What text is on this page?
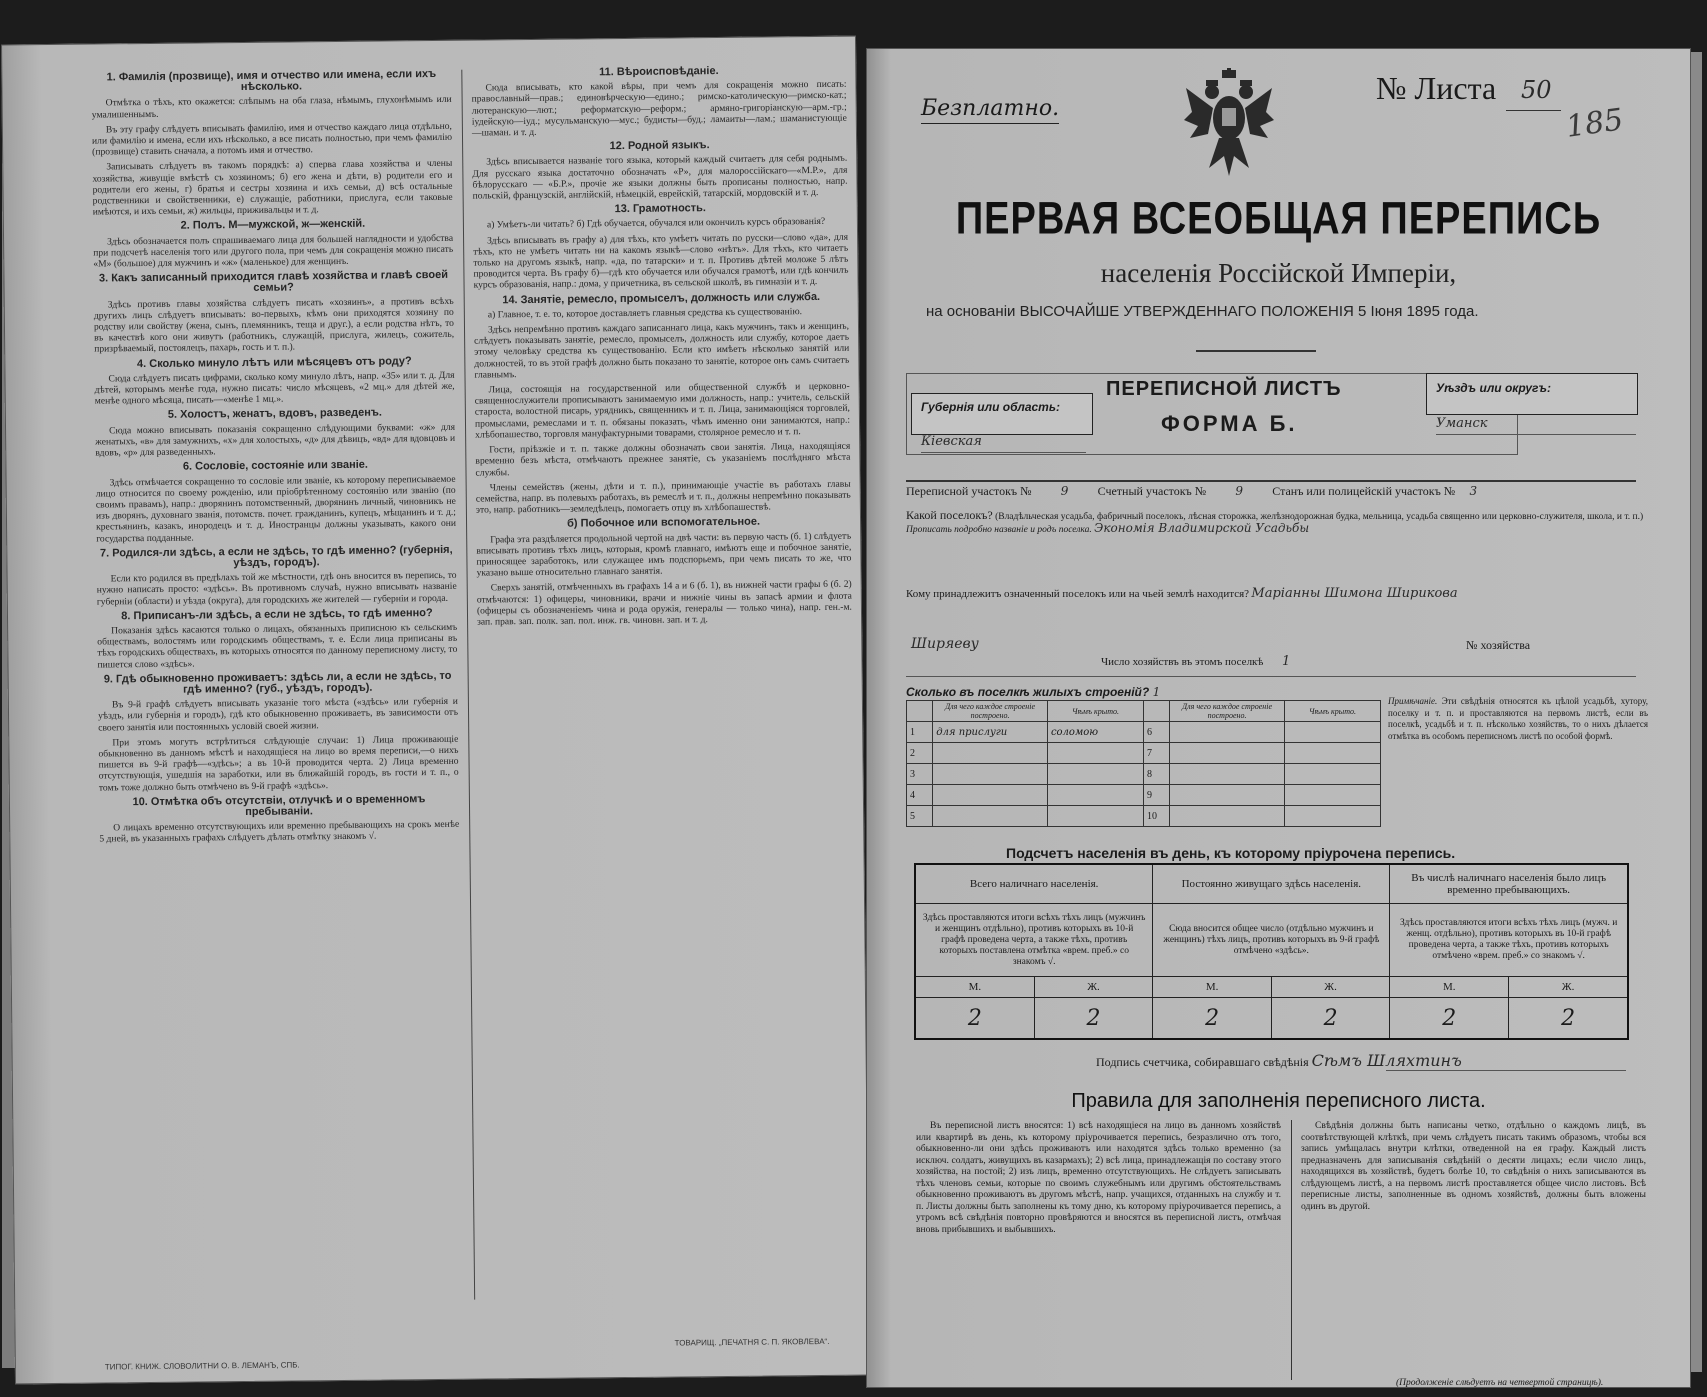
1. Фамилія (прозвище), имя и отчество или имена, если ихъ нѣсколько.

Отмѣтка о тѣхъ, кто окажется: слѣпымъ на оба глаза, нѣмымъ, глухонѣмымъ или умалишеннымъ.

Въ эту графу слѣдуетъ вписывать фамилію, имя и отчество каждаго лица отдѣльно, или фамилію и имена, если ихъ нѣсколько, а все писать полностью, при чемъ фамилію (прозвище) ставить сначала, а потомъ имя и отчество.

Записывать слѣдуетъ въ такомъ порядкѣ: а) сперва глава хозяйства и члены хозяйства, живущіе вмѣстѣ съ хозяиномъ; б) его жена и дѣти, в) родители его и родители его жены, г) братья и сестры хозяина и ихъ семьи, д) всѣ остальные родственники и свойственники, е) служащіе, работники, прислуга, если таковые имѣются, и ихъ семьи, ж) жильцы, приживальцы и т. д.

2. Полъ. М—мужской, ж—женскій.

Здѣсь обозначается полъ спрашиваемаго лица для большей наглядности и удобства при подсчетѣ населенія того или другого пола, при чемъ для сокращенія можно писать «М» (большое) для мужчинъ и «ж» (маленькое) для женщинъ.

3. Какъ записанный приходится главѣ хозяйства и главѣ своей семьи?

Здѣсь противъ главы хозяйства слѣдуетъ писать «хозяинъ», а противъ всѣхъ другихъ лицъ слѣдуетъ вписывать: во-первыхъ, кѣмъ они приходятся хозяину по родству или свойству (жена, сынъ, племянникъ, теща и друг.), а если родства нѣтъ, то въ качествѣ кого они живутъ (работникъ, служащій, прислуга, жилецъ, сожитель, призрѣваемый, постоялецъ, пахарь, гость и т. п.).

4. Сколько минуло лѣтъ или мѣсяцевъ отъ роду?

Сюда слѣдуетъ писать цифрами, сколько кому минуло лѣтъ, напр. «35» или т. д. Для дѣтей, которымъ менѣе года, нужно писать: число мѣсяцевъ, «2 мц.» для дѣтей же, менѣе одного мѣсяца, писать—«менѣе 1 мц.».

5. Холостъ, женатъ, вдовъ, разведенъ.

Сюда можно вписывать показанія сокращенно слѣдующими буквами: «ж» для женатыхъ, «в» для замужнихъ, «х» для холостыхъ, «д» для дѣвицъ, «вд» для вдовцовъ и вдовъ, «р» для разведенныхъ.

6. Сословіе, состояніе или званіе.

Здѣсь отмѣчается сокращенно то сословіе или званіе, къ которому переписываемое лицо относится по своему рожденію, или пріобрѣтенному состоянію или званію (по своимъ правамъ), напр.: дворянинъ потомственный, дворянинъ личный, чиновникъ не изъ дворянъ, духовнаго званія, потомств. почет. гражданинъ, купецъ, мѣщанинъ и т. д.; крестьянинъ, казакъ, инородецъ и т. д. Иностранцы должны указывать, какого они государства подданные.

7. Родился-ли здѣсь, а если не здѣсь, то гдѣ именно? (губернія, уѣздъ, городъ).

Если кто родился въ предѣлахъ той же мѣстности, гдѣ онъ вносится въ перепись, то нужно написать просто: «здѣсь». Въ противномъ случаѣ, нужно вписывать названіе губерніи (области) и уѣзда (округа), для городскихъ же жителей — губерніи и города.

8. Приписанъ-ли здѣсь, а если не здѣсь, то гдѣ именно?

Показанія здѣсь касаются только о лицахъ, обязанныхъ приписною къ сельскимъ обществамъ, волостямъ или городскимъ обществамъ, т. е. Если лица приписаны въ тѣхъ городскихъ обществахъ, въ которыхъ относятся по данному переписному листу, то пишется слово «здѣсь».

9. Гдѣ обыкновенно проживаетъ: здѣсь ли, а если не здѣсь, то гдѣ именно? (губ., уѣздъ, городъ).

Въ 9-й графѣ слѣдуетъ вписывать указаніе того мѣста («здѣсь» или губернія и уѣздъ, или губернія и городъ), гдѣ кто обыкновенно проживаетъ, въ зависимости отъ своего занятія или постоянныхъ условій своей жизни.

При этомъ могутъ встрѣтиться слѣдующіе случаи: 1) Лица проживающіе обыкновенно въ данномъ мѣстѣ и находящіеся на лицо во время переписи,—о нихъ пишется въ 9-й графѣ—«здѣсь»; а въ 10-й проводится черта. 2) Лица временно отсутствующія, ушедшія на заработки, или въ ближайшій городъ, въ гости и т. п., о томъ тоже должно быть отмѣчено въ 9-й графѣ «здѣсь».

10. Отмѣтка объ отсутствіи, отлучкѣ и о временномъ пребываніи.

О лицахъ временно отсутствующихъ или временно пребывающихъ на срокъ менѣе 5 дней, въ указанныхъ графахъ слѣдуетъ дѣлать отмѣтку знакомъ √.

11. Вѣроисповѣданіе.

Сюда вписывать, кто какой вѣры, при чемъ для сокращенія можно писать: православный—прав.; единовѣрческую—едино.; римско-католическую—римско-кат.; лютеранскую—лют.; реформатскую—реформ.; армяно-григоріанскую—арм.-гр.; іудейскую—іуд.; мусульманскую—мус.; будисты—буд.; ламаиты—лам.; шаманистующіе—шаман. и т. д.

12. Родной языкъ.

Здѣсь вписывается названіе того языка, который каждый считаетъ для себя роднымъ. Для русскаго языка достаточно обозначать «Р», для малороссійскаго—«М.Р.», для бѣлорусскаго — «Б.Р.», прочіе же языки должны быть прописаны полностью, напр. польскій, французскій, англійскій, нѣмецкій, еврейскій, татарскій, мордовскій и т. д.

13. Грамотность.

а) Умѣетъ-ли читать? б) Гдѣ обучается, обучался или окончилъ курсъ образованія?

Здѣсь вписывать въ графу а) для тѣхъ, кто умѣетъ читать по русски—слово «да», для тѣхъ, кто не умѣетъ читать ни на какомъ языкѣ—слово «нѣтъ». Для тѣхъ, кто читаетъ только на другомъ языкѣ, напр. «да, по татарски» и т. п. Противъ дѣтей моложе 5 лѣтъ проводится черта. Въ графу б)—гдѣ кто обучается или обучался грамотѣ, или гдѣ кончилъ курсъ образованія, напр.: дома, у причетника, въ сельской школѣ, въ гимназіи и т. д.

14. Занятіе, ремесло, промыселъ, должность или служба.

а) Главное, т. е. то, которое доставляетъ главныя средства къ существованію.

Здѣсь непремѣнно противъ каждаго записаннаго лица, какъ мужчинъ, такъ и женщинъ, слѣдуетъ показывать занятіе, ремесло, промыселъ, должность или службу, которое даетъ этому человѣку средства къ существованію. Если кто имѣетъ нѣсколько занятій или должностей, то въ этой графѣ должно быть показано то занятіе, которое онъ самъ считаетъ главнымъ.

Лица, состоящія на государственной или общественной службѣ и церковно-священнослужители прописываютъ занимаемую ими должность, напр.: учитель, сельскій староста, волостной писарь, урядникъ, священникъ и т. п. Лица, занимающіяся торговлей, промыслами, ремеслами и т. п. обязаны показать, чѣмъ именно они занимаются, напр.: хлѣбопашество, торговля мануфактурными товарами, столярное ремесло и т. п.

Гости, пріѣзжіе и т. п. также должны обозначать свои занятія. Лица, находящіяся временно безъ мѣста, отмѣчаютъ прежнее занятіе, съ указаніемъ послѣдняго мѣста службы.

Члены семействъ (жены, дѣти и т. п.), принимающіе участіе въ работахъ главы семейства, напр. въ полевыхъ работахъ, въ ремеслѣ и т. п., должны непремѣнно показывать это, напр. работникъ—земледѣлецъ, помогаетъ отцу въ хлѣбопашествѣ.

б) Побочное или вспомогательное.

Графа эта раздѣляется продольной чертой на двѣ части: въ первую часть (б. 1) слѣдуетъ вписывать противъ тѣхъ лицъ, которыя, кромѣ главнаго, имѣютъ еще и побочное занятіе, приносящее заработокъ, или служащее имъ подспорьемъ, при чемъ писать то же, что указано выше относительно главнаго занятія.

Сверхъ занятій, отмѣченныхъ въ графахъ 14 а и 6 (б. 1), въ нижней части графы 6 (б. 2) отмѣчаются: 1) офицеры, чиновники, врачи и нижніе чины въ запасѣ армии и флота (офицеры съ обозначеніемъ чина и рода оружія, генералы — только чина), напр. ген.-м. зап. прав. зап. полк. зап. пол. инж. гв. чиновн. зап. и т. д.

ТИПОГ. КНИЖ. СЛОВОЛИТНИ О. В. ЛЕМАНЪ, СПБ.
ТОВАРИЩ. „ПЕЧАТНЯ С. П. ЯКОВЛЕВА“.
Безплатно.
№ Листа 50
185
ПЕРВАЯ ВСЕОБЩАЯ ПЕРЕПИСЬ
населенія Россійской Имперіи,
на основаніи ВЫСОЧАЙШЕ УТВЕРЖДЕННАГО ПОЛОЖЕНІЯ 5 Іюня 1895 года.
Губернія или область:
Кіевская
ПЕРЕПИСНОЙ ЛИСТЪ
ФОРМА Б.
Уѣздъ или округъ:
Уманск
Переписной участокъ № 9 Счетный участокъ № 9 Станъ или полицейскій участокъ № 3
Какой поселокъ? (Владѣльческая усадьба, фабричный поселокъ, лѣсная сторожка, желѣзнодорожная будка, мельница, усадьба священно или церковно-служителя, школа, и т. п.) Прописать подробно названіе и родъ поселка. Экономія Владимирской Усадьбы
Кому принадлежитъ означенный поселокъ или на чьей землѣ находится? Маріанны Шимона Ширикова
Ширяеву	№ хозяйства
Число хозяйствъ въ этомъ поселкѣ 1
Сколько въ поселкѣ жилыхъ строеній? 1
	Для чего каждое строеніе построено.	Чѣмъ крыто.		Для чего каждое строеніе построено.	Чѣмъ крыто.
1	для прислуги	соломою	6		
2			7		
3			8		
4			9		
5			10		
Примѣчаніе. Эти свѣдѣнія относятся къ цѣлой усадьбѣ, хутору, поселку и т. п. и проставляются на первомъ листѣ, если въ поселкѣ, усадьбѣ и т. п. нѣсколько хозяйствъ, то о нихъ дѣлается отмѣтка въ особомъ переписномъ листѣ по особой формѣ.
Подсчетъ населенія въ день, къ которому пріурочена перепись.
Всего наличнаго населенія.		Постоянно живущаго здѣсь населенія.		Въ числѣ наличнаго населенія было лицъ временно пребывающихъ.	
Здѣсь проставляются итоги всѣхъ тѣхъ лицъ (мужчинъ и женщинъ отдѣльно), противъ которыхъ въ 10-й графѣ проведена черта, а также тѣхъ, противъ которыхъ поставлена отмѣтка «врем. преб.» со знакомъ √.		Сюда вносится общее число (отдѣльно мужчинъ и женщинъ) тѣхъ лицъ, противъ которыхъ въ 9-й графѣ отмѣчено «здѣсь».		Здѣсь проставляются итоги всѣхъ тѣхъ лицъ (мужч. и женщ. отдѣльно), противъ которыхъ въ 10-й графѣ проведена черта, а также тѣхъ, противъ которыхъ отмѣчено «врем. преб.» со знакомъ √.	
М.	Ж.	М.	Ж.	М.	Ж.
2	2	2	2	2	2
Подпись счетчика, собиравшаго свѣдѣнія Сѣмъ Шляхтинъ
Правила для заполненія переписного листа.
Въ переписной листъ вносятся: 1) всѣ находящіеся на лицо въ данномъ хозяйствѣ или квартирѣ въ день, къ которому пріурочивается перепись, безразлично отъ того, обыкновенно-ли они здѣсь проживаютъ или находятся здѣсь только временно (за исключ. солдатъ, живущихъ въ казармахъ); 2) всѣ лица, принадлежащія по составу этого хозяйства, на постой; 2) изъ лицъ, временно отсутствующихъ. Не слѣдуетъ записывать тѣхъ членовъ семьи, которые по своимъ служебнымъ или другимъ обстоятельствамъ обыкновенно проживаютъ въ другомъ мѣстѣ, напр. учащихся, отданныхъ на службу и т. п. Листы должны быть заполнены къ тому дню, къ которому пріурочивается перепись, а утромъ всѣ свѣдѣнія повторно провѣряются и вносятся въ переписной листъ, отмѣчая вновь прибывшихъ и выбывшихъ.
Свѣдѣнія должны быть написаны четко, отдѣльно о каждомъ лицѣ, въ соотвѣтствующей клѣткѣ, при чемъ слѣдуетъ писать такимъ образомъ, чтобы вся запись умѣщалась внутри клѣтки, отведенной на ея графу. Каждый листъ предназначенъ для записыванія свѣдѣній о десяти лицахъ; если число лицъ, находящихся въ хозяйствѣ, будетъ болѣе 10, то свѣдѣнія о нихъ записываются въ слѣдующемъ листѣ, а на первомъ листѣ проставляется общее число листовъ. Всѣ переписные листы, заполненные въ одномъ хозяйствѣ, должны быть вложены одинъ въ другой.
(Продолженіе слѣдуетъ на четвертой страницѣ).
